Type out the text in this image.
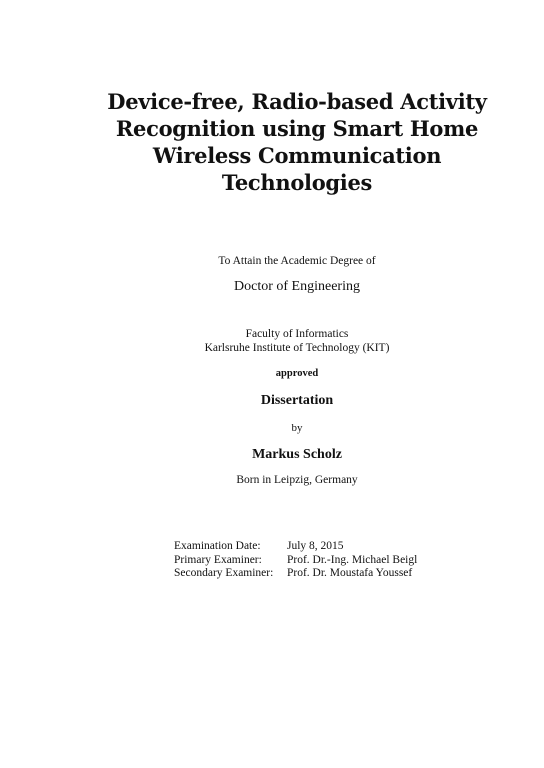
Device-free, Radio-based Activity
Recognition using Smart Home
Wireless Communication
Technologies
To Attain the Academic Degree of
Doctor of Engineering
Faculty of Informatics
Karlsruhe Institute of Technology (KIT)
approved
Dissertation
by
Markus Scholz
Born in Leipzig, Germany
Examination Date:	July 8, 2015
Primary Examiner:	Prof. Dr.-Ing. Michael Beigl
Secondary Examiner:	Prof. Dr. Moustafa Youssef
